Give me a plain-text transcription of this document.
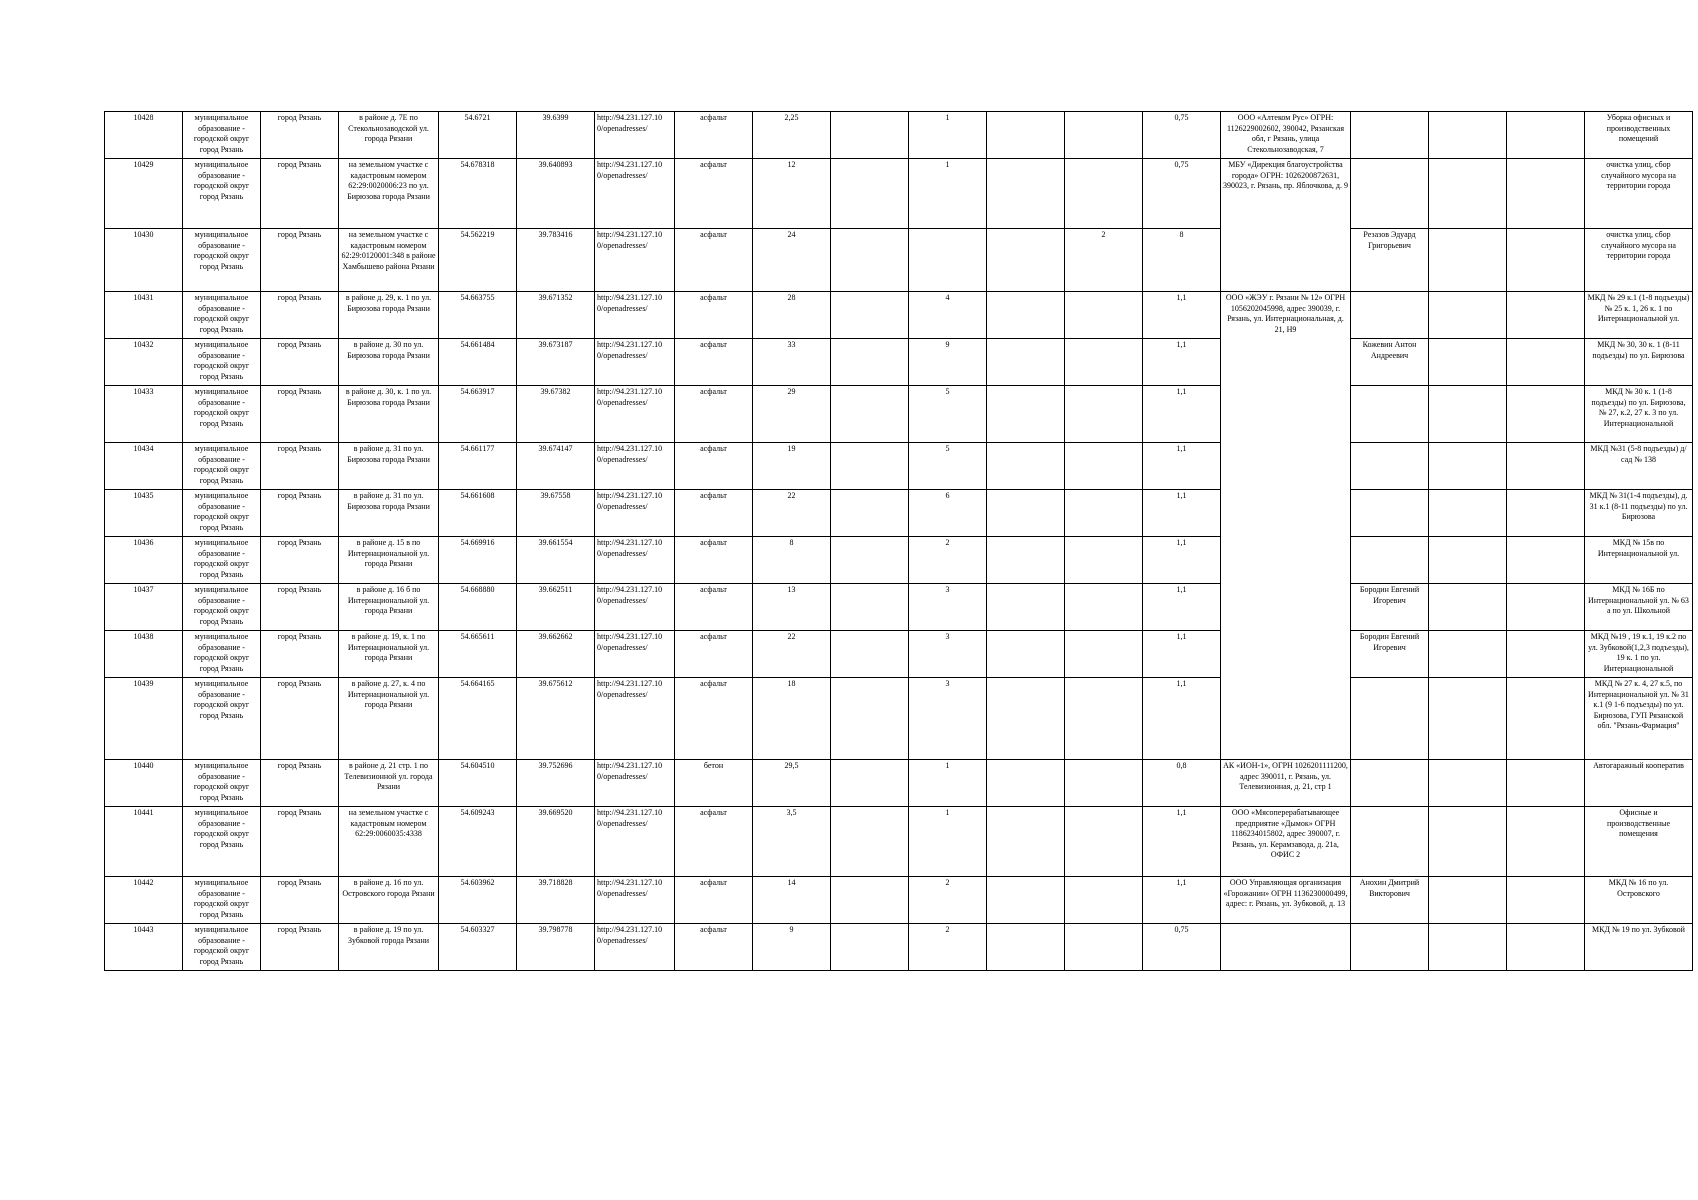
10428	муниципальное образование - городской округ город Рязань	город Рязань	в районе д. 7Е по Стекольнозаводской ул. города Рязани	54.6721	39.6399	http://94.231.127.10 0/openadresses/	асфальт	2,25		1			0,75	ООО «Алтеком Рус» ОГРН: 1126229002602, 390042, Рязанская обл, г Рязань, улица Стекольнозаводская, 7				Уборка офисных и производственных помещений
10429	муниципальное образование - городской округ город Рязань	город Рязань	на земельном участке с кадастровым номером 62:29:0020006:23 по ул. Бирюзова города Рязани	54.678318	39.640893	http://94.231.127.10 0/openadresses/	асфальт	12		1			0,75	МБУ «Дирекция благоустройства города» ОГРН: 1026200872631, 390023, г. Рязань, пр. Яблочкова, д. 9				очистка улиц, сбор случайного мусора на территории города
10430	муниципальное образование - городской округ город Рязань	город Рязань	на земельном участке с кадастровым номером 62:29:0120001:348 в районе Хамбышево района Рязани	54.562219	39.783416	http://94.231.127.10 0/openadresses/	асфальт	24				2	8		Резазов Эдуард Григорьевич			очистка улиц, сбор случайного мусора на территории города
10431	муниципальное образование - городской округ город Рязань	город Рязань	в районе д. 29, к. 1 по ул. Бирюзова города Рязани	54.663755	39.671352	http://94.231.127.10 0/openadresses/	асфальт	28		4			1,1	ООО «ЖЭУ г. Рязани № 12» ОГРН 1056202045998, адрес 390039, г. Рязань, ул. Интернациональная, д. 21, Н9				МКД № 29 к.1 (1-8 подъезды) № 25 к. 1, 26 к. 1 по Интернациональной ул.
10432	муниципальное образование - городской округ город Рязань	город Рязань	в районе д. 30 по ул. Бирюзова города Рязани	54.661484	39.673187	http://94.231.127.10 0/openadresses/	асфальт	33		9			1,1		Кожевин Антон Андреевич			МКД № 30, 30 к. 1 (8-11 подъезды) по ул. Бирюзова
10433	муниципальное образование - городской округ город Рязань	город Рязань	в районе д. 30, к. 1 по ул. Бирюзова города Рязани	54.663917	39.67382	http://94.231.127.10 0/openadresses/	асфальт	29		5			1,1					МКД № 30 к. 1 (1-8 подъезды) по ул. Бирюзова, № 27, к.2, 27 к. 3 по ул. Интернациональной
10434	муниципальное образование - городской округ город Рязань	город Рязань	в районе д. 31 по ул. Бирюзова города Рязани	54.661177	39.674147	http://94.231.127.10 0/openadresses/	асфальт	19		5			1,1					МКД №31 (5-8 подъезды) д/сад № 138
10435	муниципальное образование - городской округ город Рязань	город Рязань	в районе д. 31 по ул. Бирюзова города Рязани	54.661608	39.67558	http://94.231.127.10 0/openadresses/	асфальт	22		6			1,1					МКД № 31(1-4 подъезды), д. 31 к.1 (8-11 подъезды) по ул. Бирюзова
10436	муниципальное образование - городской округ город Рязань	город Рязань	в районе д. 15 в по Интернациональной ул. города Рязани	54.669916	39.661554	http://94.231.127.10 0/openadresses/	асфальт	8		2			1,1					МКД № 15в по Интернациональной ул.
10437	муниципальное образование - городской округ город Рязань	город Рязань	в районе д. 16 б по Интернациональной ул. города Рязани	54.668880	39.662511	http://94.231.127.10 0/openadresses/	асфальт	13		3			1,1		Бородин Евгений Игоревич			МКД № 16Б по Интернациональной ул. № 63 а по ул. Школьной
10438	муниципальное образование - городской округ город Рязань	город Рязань	в районе д. 19, к. 1 по Интернациональной ул. города Рязани	54.665611	39.662662	http://94.231.127.10 0/openadresses/	асфальт	22		3			1,1		Бородин Евгений Игоревич			МКД №19 , 19 к.1, 19 к.2 по ул. Зубковой(1,2,3 подъезды), 19 к. 1 по ул. Интернациональной
10439	муниципальное образование - городской округ город Рязань	город Рязань	в районе д. 27, к. 4 по Интернациональной ул. города Рязани	54.664165	39.675612	http://94.231.127.10 0/openadresses/	асфальт	18		3			1,1					МКД № 27 к. 4, 27 к.5, по Интернациональной ул. № 31 к.1 (9 1-6 подъезды) по ул. Бирюзова, ГУП Рязанской обл. "Рязань-Фармация"
10440	муниципальное образование - городской округ город Рязань	город Рязань	в районе д. 21 стр. 1 по Телевизионной ул. города Рязани	54.604510	39.752696	http://94.231.127.10 0/openadresses/	бетон	29,5		1			0,8	АК «ИОН-1», ОГРН 1026201111200, адрес 390011, г. Рязань, ул. Телевизионная, д. 21, стр 1				Автогаражный кооператив
10441	муниципальное образование - городской округ город Рязань	город Рязань	на земельном участке с кадастровым номером 62:29:0060035:4338	54.609243	39.669520	http://94.231.127.10 0/openadresses/	асфальт	3,5		1			1,1	ООО «Мясоперерабатывающее предприятие «Дымок» ОГРН 1186234015802, адрес 390007, г. Рязань, ул. Керамзавода, д. 21а, ОФИС 2				Офисные и производственные помещения
10442	муниципальное образование - городской округ город Рязань	город Рязань	в районе д. 16 по ул. Островского города Рязани	54.603962	39.718828	http://94.231.127.10 0/openadresses/	асфальт	14		2			1,1	ООО Управляющая организация «Горожанин» ОГРН 1136230000499, адрес: г. Рязань, ул. Зубковой, д. 13	Анохин Дмитрий Викторович			МКД № 16 по ул. Островского
10443	муниципальное образование - городской округ город Рязань	город Рязань	в районе д. 19 по ул. Зубковой города Рязани	54.603327	39.798778	http://94.231.127.10 0/openadresses/	асфальт	9		2			0,75					МКД № 19 по ул. Зубковой
